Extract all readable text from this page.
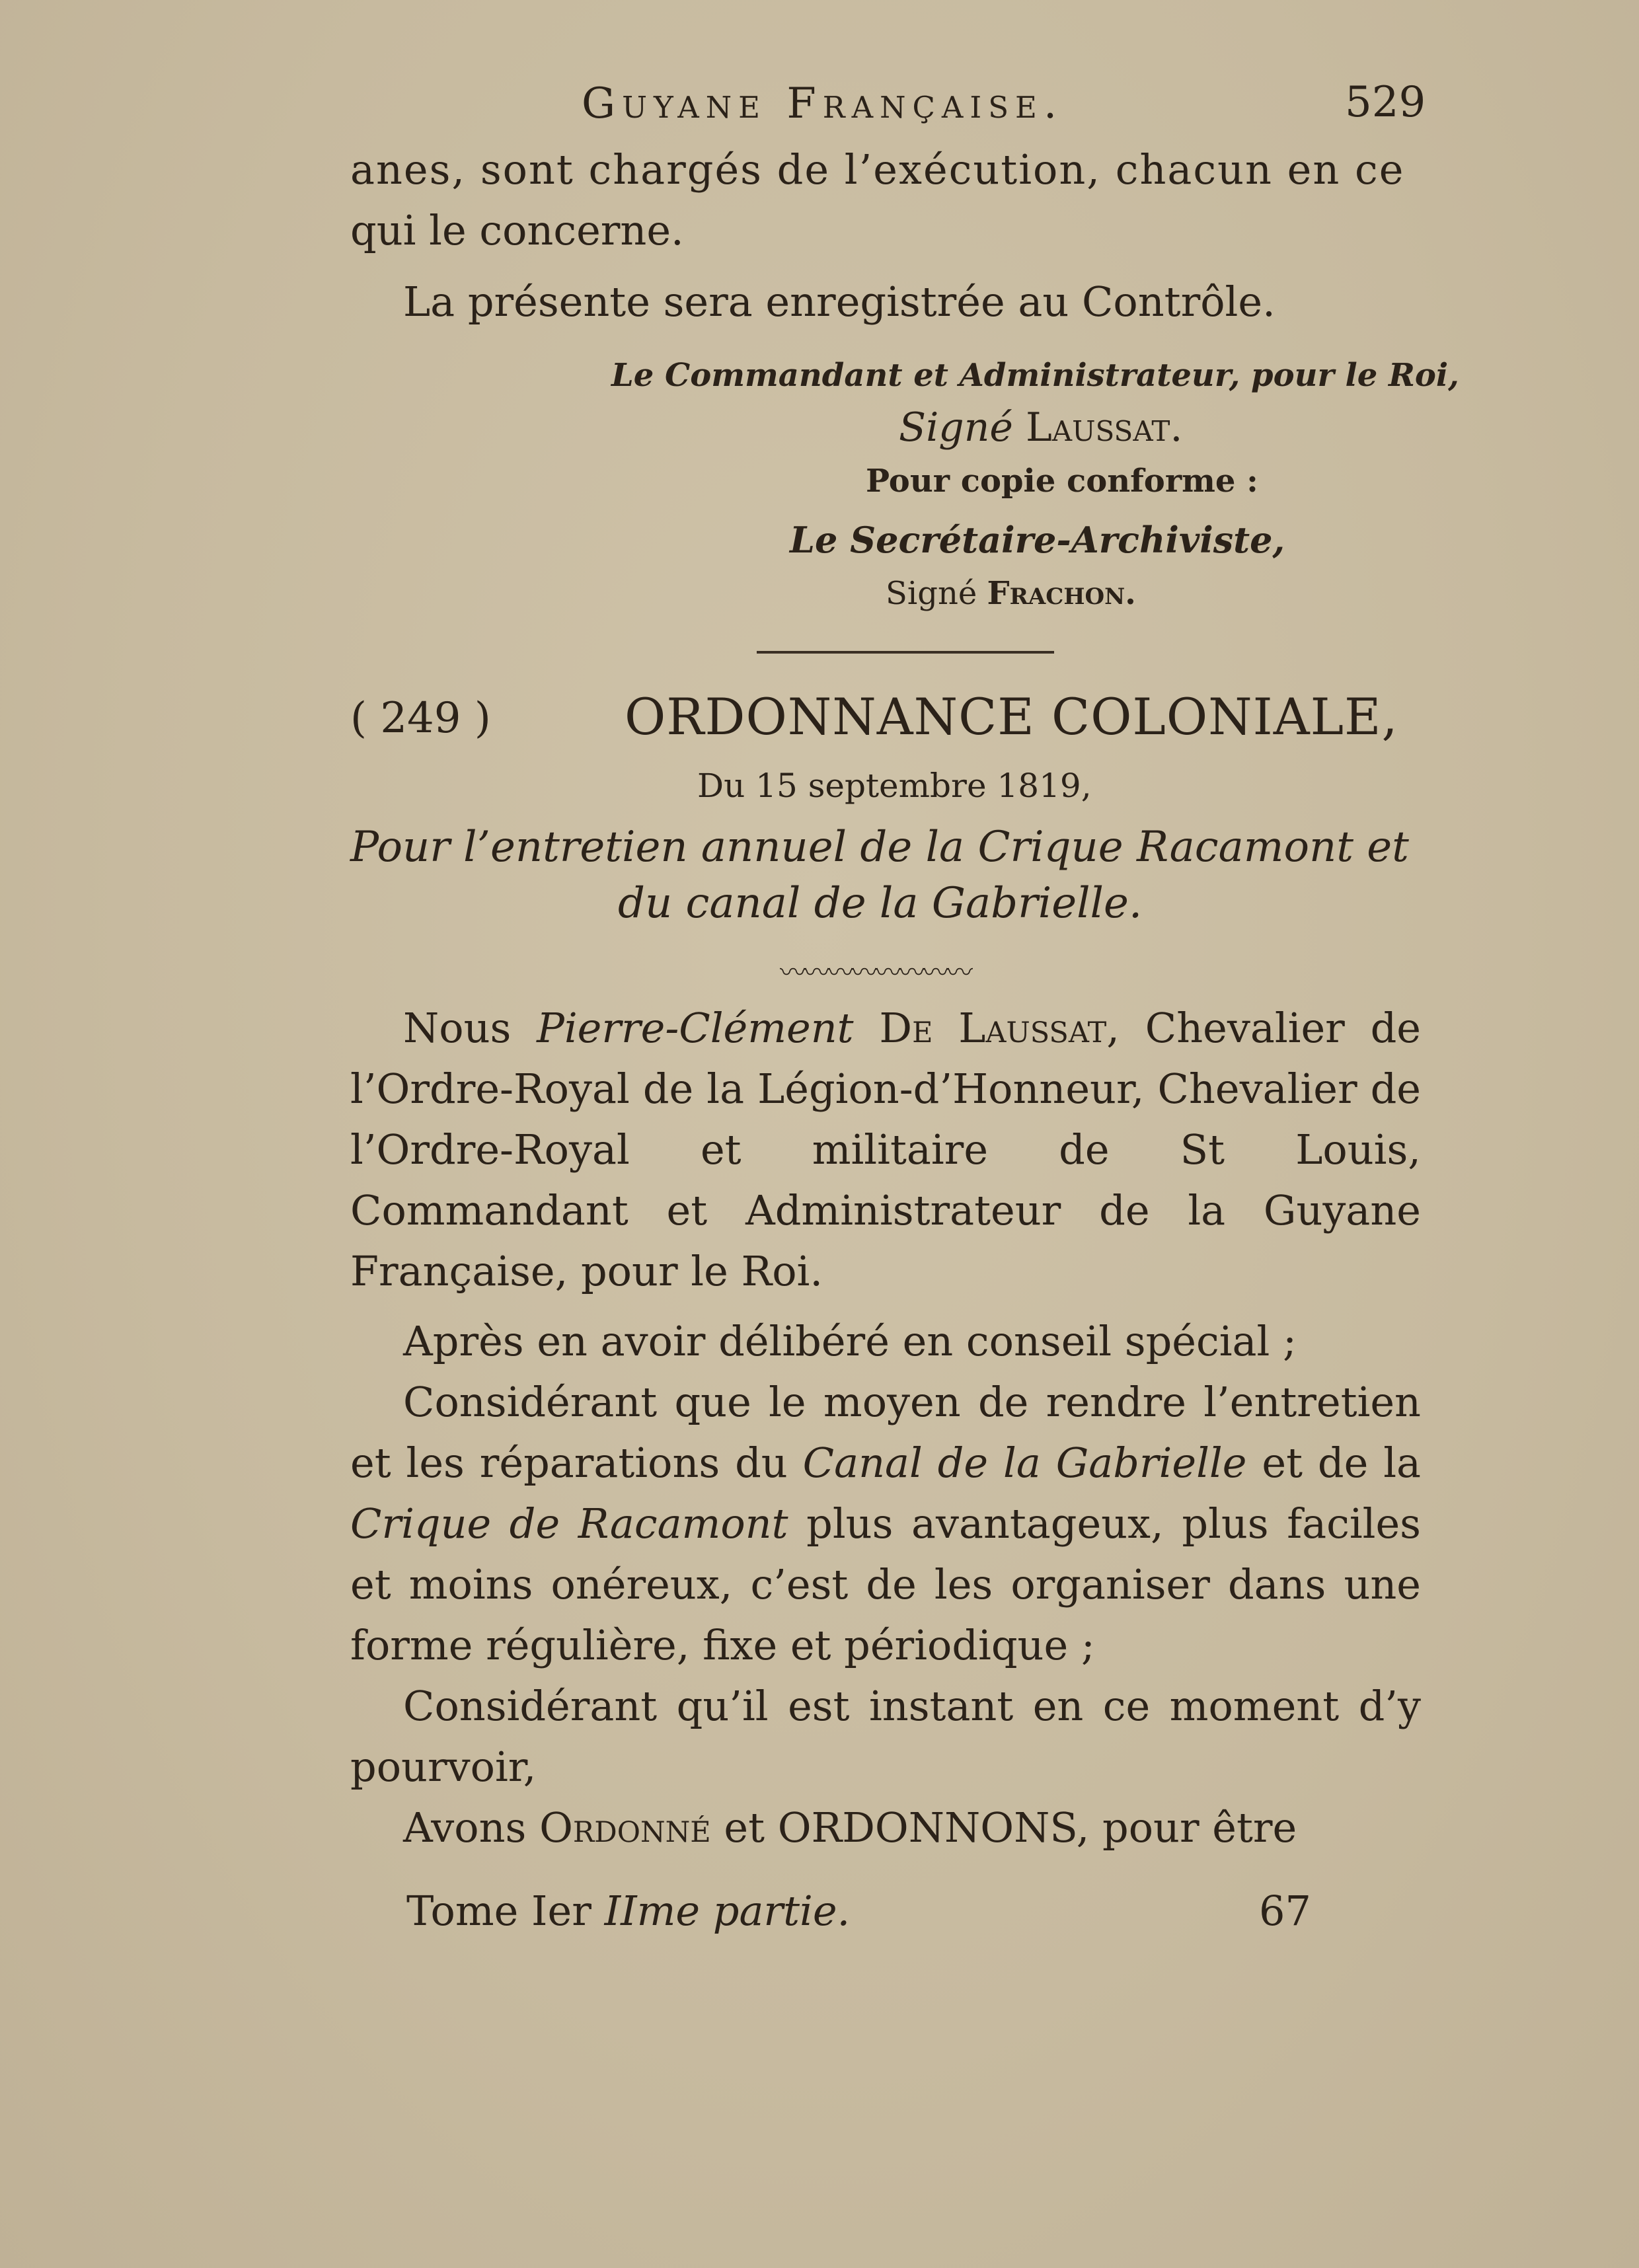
Guyane Française.	529
anes, sont chargés de l’exécution, chacun en ce
qui le concerne.
La présente sera enregistrée au Contrôle.
Le Commandant et Administrateur, pour le Roi,
Signé Laussat.
Pour copie conforme :
Le Secrétaire-Archiviste,
Signé Frachon.
( 249 )	ORDONNANCE COLONIALE,
Du 15 septembre 1819,
Pour l’entretien annuel de la Crique Racamont et
du canal de la Gabrielle.
〰〰〰〰〰〰〰〰

Nous Pierre-Clément De Laussat, Chevalier de l’Ordre-Royal de la Légion-d’Honneur, Chevalier de l’Ordre-Royal et militaire de St Louis, Commandant et Administrateur de la Guyane Française, pour le Roi.

Après en avoir délibéré en conseil spécial ;

Considérant que le moyen de rendre l’entretien et les réparations du Canal de la Gabrielle et de la Crique de Racamont plus avantageux, plus faciles et moins onéreux, c’est de les organiser dans une forme régulière, fixe et périodique ;

Considérant qu’il est instant en ce moment d’y pourvoir,

Avons Ordonné et ORDONNONS, pour être

Tome Ier IIme partie.	67
